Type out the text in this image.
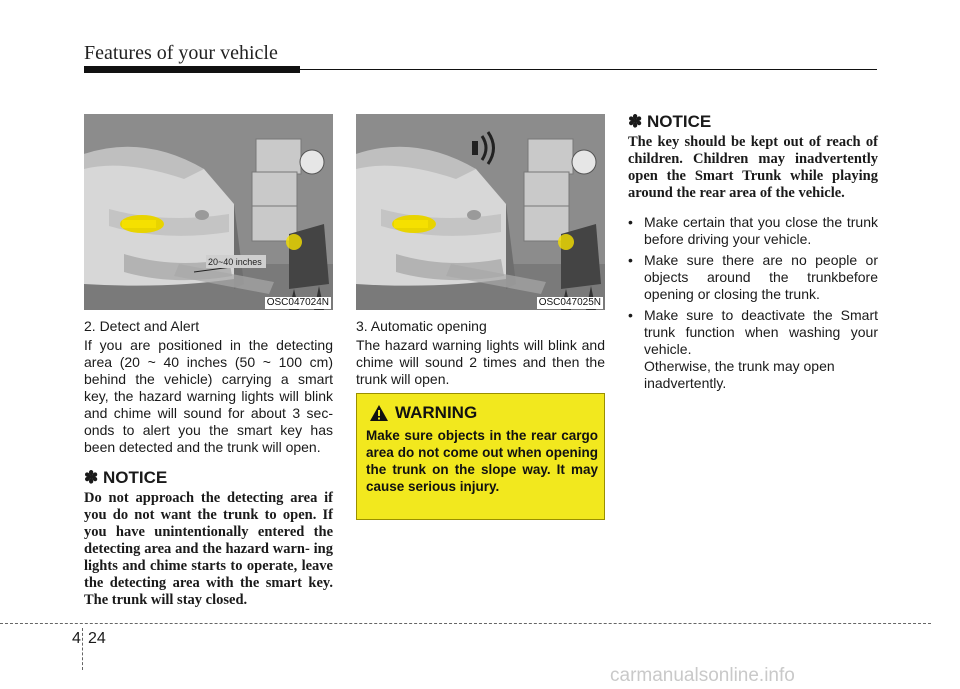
Features of your vehicle
20~40 inches
OSC047024N
2. Detect and Alert
If you are positioned in the detecting area (20 ~ 40 inches (50 ~ 100 cm) behind the vehicle) carrying a smart key, the hazard warning lights will blink and chime will sound for about 3 sec- onds to alert you the smart key has been detected and the trunk will open.
✽ NOTICE
Do not approach the detecting area if you do not want the trunk to open. If you have unintentionally entered the detecting area and the hazard warn- ing lights and chime starts to operate, leave the detecting area with the smart key. The trunk will stay closed.
OSC047025N
3. Automatic opening
The hazard warning lights will blink and chime will sound 2 times and then the trunk will open.
WARNING
Make sure objects in the rear cargo area do not come out when opening the trunk on the slope way. It may cause serious injury.
✽ NOTICE
The key should be kept out of reach of children. Children may inadvertently open the Smart Trunk while playing around the rear area of the vehicle.
• Make certain that you close the trunk before driving your vehicle.
• Make sure there are no people or objects around the trunkbefore opening or closing the trunk.
• Make sure to deactivate the Smart trunk function when washing your vehicle.
Otherwise, the trunk may open inadvertently.
4 24
carmanualsonline.info
